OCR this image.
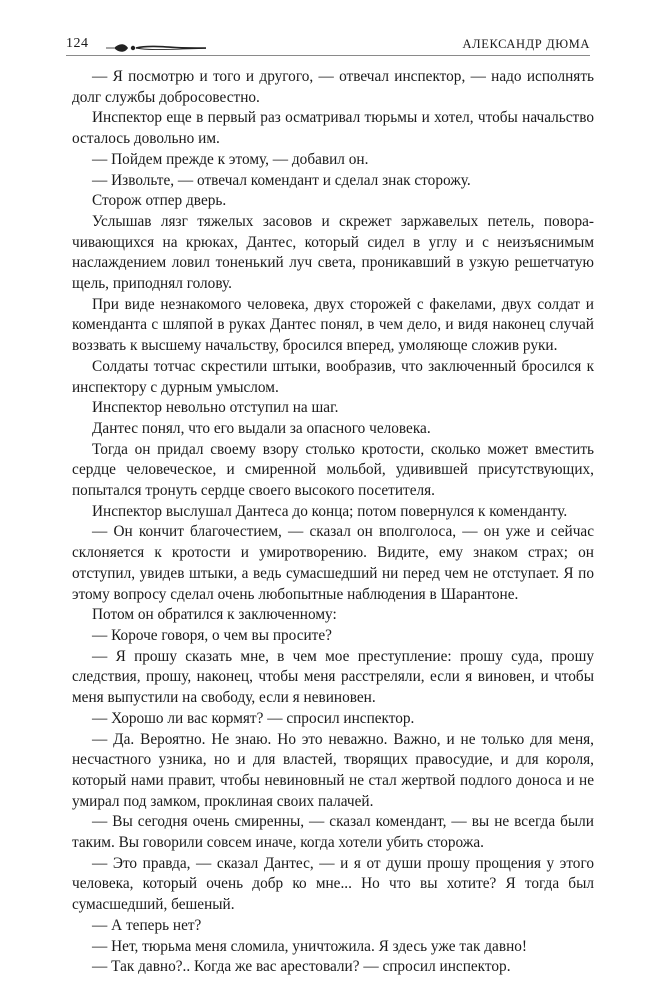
124	АЛЕКСАНДР ДЮМА

— Я посмотрю и того и другого, — отвечал инспектор, — надо исполнять долг службы добросовестно.

Инспектор еще в первый раз осматривал тюрьмы и хотел, чтобы начальство осталось довольно им.

— Пойдем прежде к этому, — добавил он.

— Извольте, — отвечал комендант и сделал знак сторожу.

Сторож отпер дверь.

Услышав лязг тяжелых засовов и скрежет заржавелых петель, поворачивающихся на крюках, Дантес, который сидел в углу и с неизъяснимым наслаждением ловил тоненький луч света, проникавший в узкую решетчатую щель, приподнял голову.

При виде незнакомого человека, двух сторожей с факелами, двух солдат и коменданта с шляпой в руках Дантес понял, в чем дело, и видя наконец случай воззвать к высшему начальству, бросился вперед, умоляюще сложив руки.

Солдаты тотчас скрестили штыки, вообразив, что заключенный бросился к инспектору с дурным умыслом.

Инспектор невольно отступил на шаг.

Дантес понял, что его выдали за опасного человека.

Тогда он придал своему взору столько кротости, сколько может вместить сердце человеческое, и смиренной мольбой, удивившей присутствующих, попытался тронуть сердце своего высокого посетителя.

Инспектор выслушал Дантеса до конца; потом повернулся к коменданту.

— Он кончит благочестием, — сказал он вполголоса, — он уже и сейчас склоняется к кротости и умиротворению. Видите, ему знаком страх; он отступил, увидев штыки, а ведь сумасшедший ни перед чем не отступает. Я по этому вопросу сделал очень любопытные наблюдения в Шарантоне.

Потом он обратился к заключенному:

— Короче говоря, о чем вы просите?

— Я прошу сказать мне, в чем мое преступление: прошу суда, прошу следствия, прошу, наконец, чтобы меня расстреляли, если я виновен, и чтобы меня выпустили на свободу, если я невиновен.

— Хорошо ли вас кормят? — спросил инспектор.

— Да. Вероятно. Не знаю. Но это неважно. Важно, и не только для меня, несчастного узника, но и для властей, творящих правосудие, и для короля, который нами правит, чтобы невиновный не стал жертвой подлого доноса и не умирал под замком, проклиная своих палачей.

— Вы сегодня очень смиренны, — сказал комендант, — вы не всегда были таким. Вы говорили совсем иначе, когда хотели убить сторожа.

— Это правда, — сказал Дантес, — и я от души прошу прощения у этого человека, который очень добр ко мне... Но что вы хотите? Я тогда был сумасшедший, бешеный.

— А теперь нет?

— Нет, тюрьма меня сломила, уничтожила. Я здесь уже так давно!

— Так давно?.. Когда же вас арестовали? — спросил инспектор.
